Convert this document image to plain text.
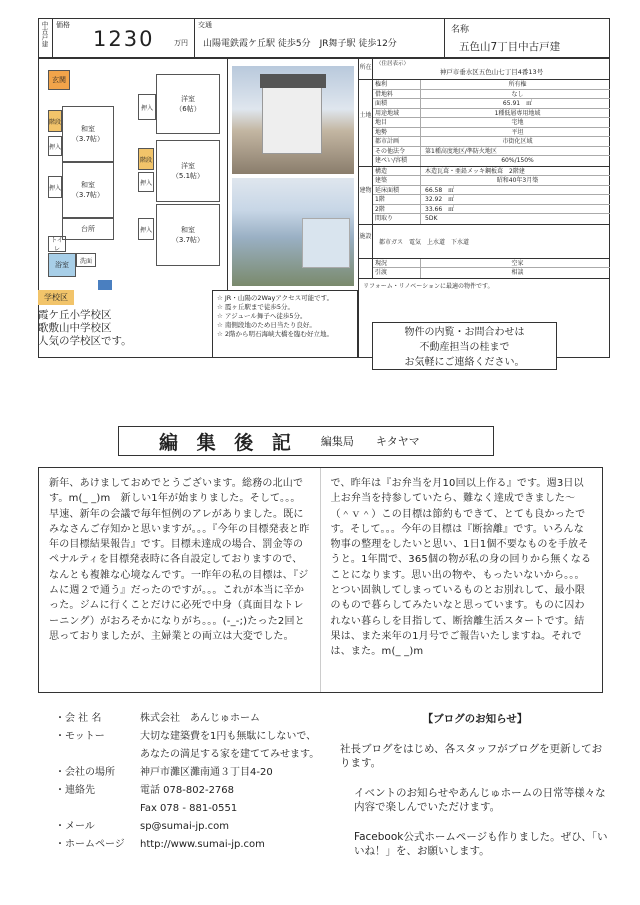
中古戸建 価格
1230	万円
交通
山陽電鉄霞ケ丘駅 徒歩5分　JR舞子駅 徒歩12分
名称
五色山7丁目中古戸建
玄関
階段
和室
（3.7帖）
押入
和室
（3.7帖）
押入
台所
トイレ
浴室 洗面
洋室
（6帖）
押入
洋室
（5.1帖）
階段
押入
和室
（3.7帖）
押入
学校区
霞ケ丘小学校区
歌敷山中学校区
人気の学校区です。
☆ JR・山陽の2Wayアクセス可能です。
☆ 霞ヶ丘駅まで徒歩5分。
☆ アジュール舞子へ徒歩5分。
☆ 南側段地のため日当たり良好。
☆ 2階から明石海峡大橋を臨む好立地。
所在 （住居表示）
神戸市垂水区五色山七丁目4番13号
土地
権利	所有権
借地料	なし
面積	65.91　㎡
用途地域	1種低層専用地域
地目	宅地
地勢	平坦
都市計画	市街化区域
その他法令	第1種高度地区/準防火地区
建ぺい/容積	60%/150%
建物
構造	木造瓦葺・亜鉛メッキ鋼板葺　2階建
建築	昭和40年3月築
延床面積	66.58　㎡
1階	32.92　㎡
2階	33.66　㎡
間取り	5DK
施設
都市ガス　電気　上水道　下水道
現況	空家
引渡	相談
リフォーム・リノベーションに最適の物件です。
物件の内覧・お問合わせは
不動産担当の桂まで
お気軽にご連絡ください。
編 集 後 記 編集局　　キタヤマ
新年、あけましておめでとうございます。総務の北山です。m(_ _)m　新しい1年が始まりました。そして。。。早速、新年の会議で毎年恒例のアレがありました。既にみなさんご存知かと思いますが。。。『今年の目標発表と昨年の目標結果報告』です。目標未達成の場合、罰金等のペナルティを目標発表時に各自設定しておりますので、なんとも複雑な心境なんです。一昨年の私の目標は、『ジムに週２で通う』だったのですが。。。これが本当に辛かった。ジムに行くことだけに必死で中身（真面目なトレーニング）がおろそかになりがち。。。(-_-;)たった2回と思っておりましたが、主婦業との両立は大変でした。
で、昨年は『お弁当を月10回以上作る』です。週3日以上お弁当を持参していたら、難なく達成できました～（＾ｖ＾）この目標は節約もできて、とても良かったです。そして。。。今年の目標は『断捨離』です。いろんな物事の整理をしたいと思い、1日1個不要なものを手放そうと。1年間で、365個の物が私の身の回りから無くなることになります。思い出の物や、もったいないから。。。とつい固執してしまっているものとお別れして、最小限のもので暮らしてみたいなと思っています。ものに囚われない暮らしを目指して、断捨離生活スタートです。結果は、また来年の1月号でご報告いたしますね。それでは、また。m(_ _)m
・会 社 名	株式会社　あんじゅホーム
・モットー	大切な建築費を1円も無駄にしないで、
あなたの満足する家を建ててみせます。
・会社の場所	神戸市灘区灘南通３丁目4-20
・連絡先	電話 078-802-2768
Fax 078 - 881-0551
・メール	sp@sumai-jp.com
・ホームページ	http://www.sumai-jp.com
【ブログのお知らせ】
社長ブログをはじめ、各スタッフがブログを更新しております。
イベントのお知らせやあんじゅホームの日常等様々な内容で楽しんでいただけます。
Facebook公式ホームページも作りました。ぜひ、「いいね！」を、お願いします。
